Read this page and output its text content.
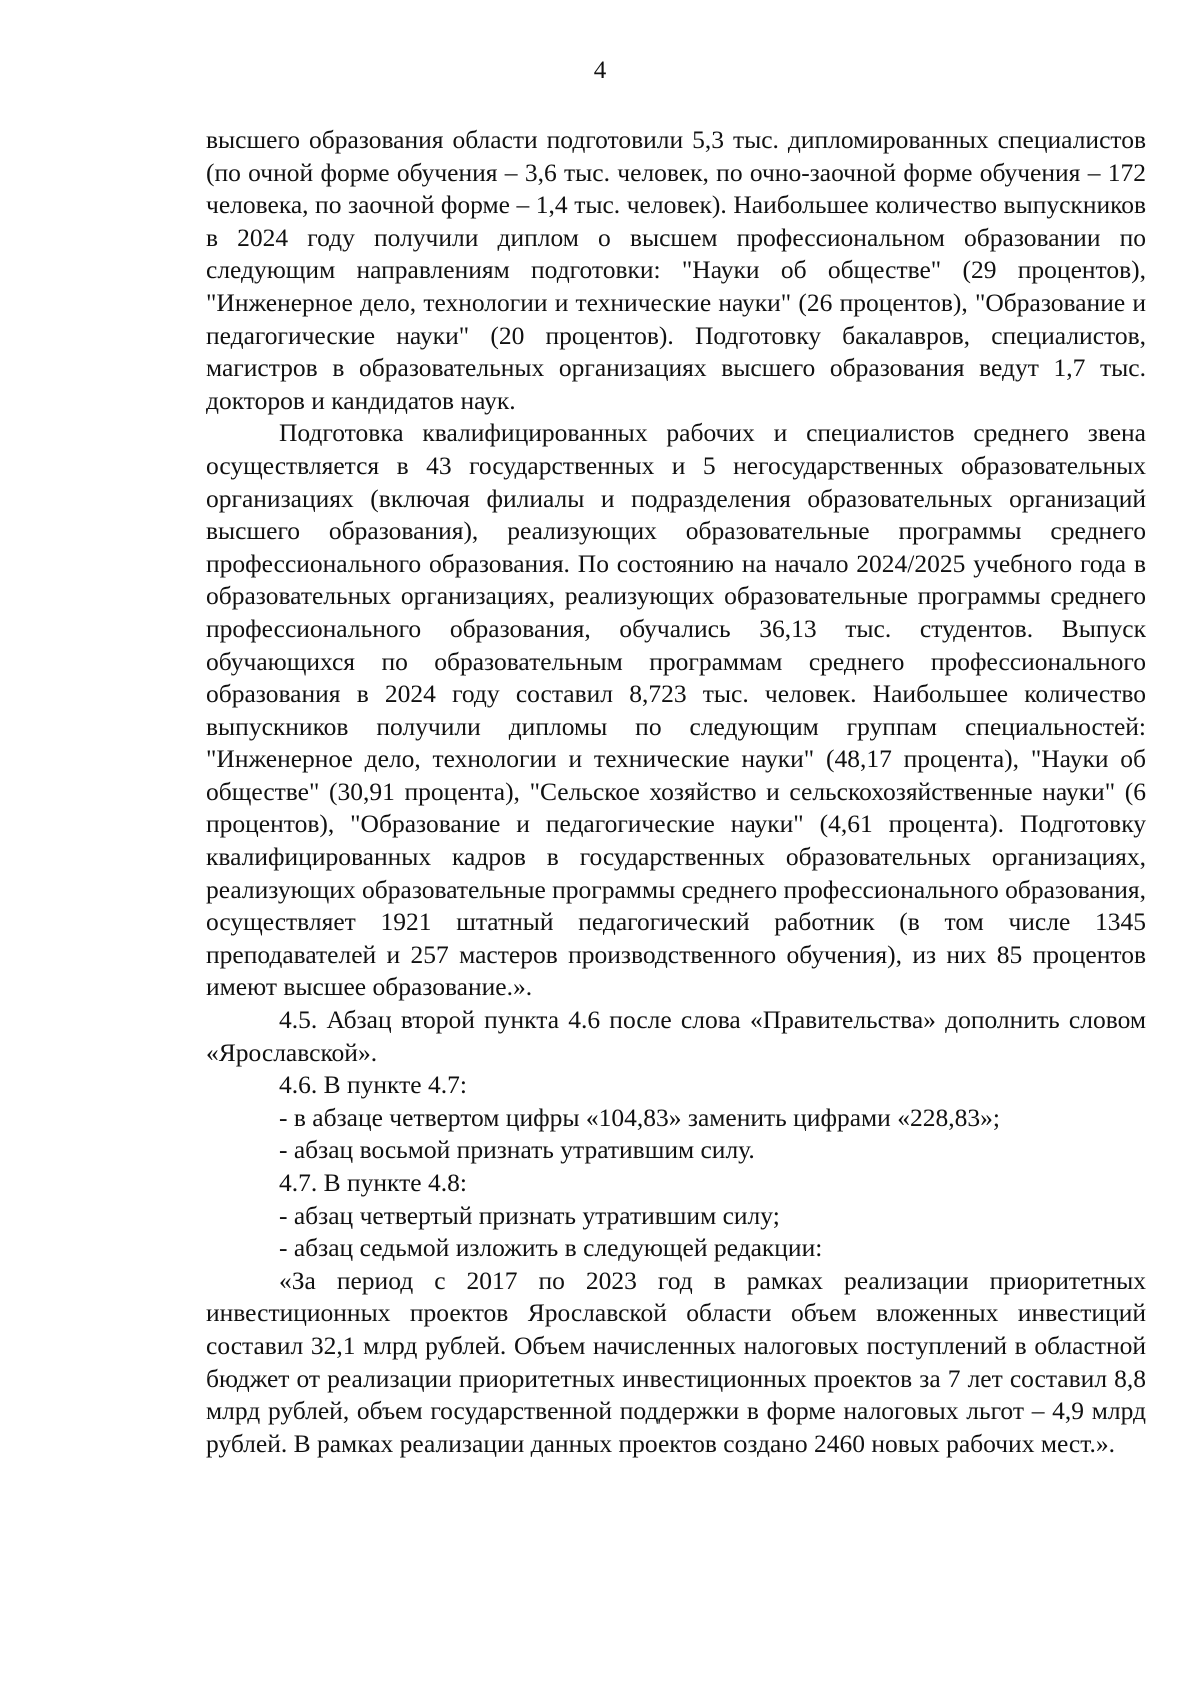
4

высшего образования области подготовили 5,3 тыс. дипломированных специалистов (по очной форме обучения – 3,6 тыс. человек, по очно-заочной форме обучения – 172 человека, по заочной форме – 1,4 тыс. человек). Наибольшее количество выпускников в 2024 году получили диплом о высшем профессиональном образовании по следующим направлениям подготовки: "Науки об обществе" (29 процентов), "Инженерное дело, технологии и технические науки" (26 процентов), "Образование и педагогические науки" (20 процентов). Подготовку бакалавров, специалистов, магистров в образовательных организациях высшего образования ведут 1,7 тыс. докторов и кандидатов наук.

Подготовка квалифицированных рабочих и специалистов среднего звена осуществляется в 43 государственных и 5 негосударственных образовательных организациях (включая филиалы и подразделения образовательных организаций высшего образования), реализующих образовательные программы среднего профессионального образования. По состоянию на начало 2024/2025 учебного года в образовательных организациях, реализующих образовательные программы среднего профессионального образования, обучались 36,13 тыс. студентов. Выпуск обучающихся по образовательным программам среднего профессионального образования в 2024 году составил 8,723 тыс. человек. Наибольшее количество выпускников получили дипломы по следующим группам специальностей: "Инженерное дело, технологии и технические науки" (48,17 процента), "Науки об обществе" (30,91 процента), "Сельское хозяйство и сельскохозяйственные науки" (6 процентов), "Образование и педагогические науки" (4,61 процента). Подготовку квалифицированных кадров в государственных образовательных организациях, реализующих образовательные программы среднего профессионального образования, осуществляет 1921 штатный педагогический работник (в том числе 1345 преподавателей и 257 мастеров производственного обучения), из них 85 процентов имеют высшее образование.».

4.5. Абзац второй пункта 4.6 после слова «Правительства» дополнить словом «Ярославской».

4.6. В пункте 4.7:

- в абзаце четвертом цифры «104,83» заменить цифрами «228,83»;

- абзац восьмой признать утратившим силу.

4.7. В пункте 4.8:

- абзац четвертый признать утратившим силу;

- абзац седьмой изложить в следующей редакции:

«За период с 2017 по 2023 год в рамках реализации приоритетных инвестиционных проектов Ярославской области объем вложенных инвестиций составил 32,1 млрд рублей. Объем начисленных налоговых поступлений в областной бюджет от реализации приоритетных инвестиционных проектов за 7 лет составил 8,8 млрд рублей, объем государственной поддержки в форме налоговых льгот – 4,9 млрд рублей. В рамках реализации данных проектов создано 2460 новых рабочих мест.».
